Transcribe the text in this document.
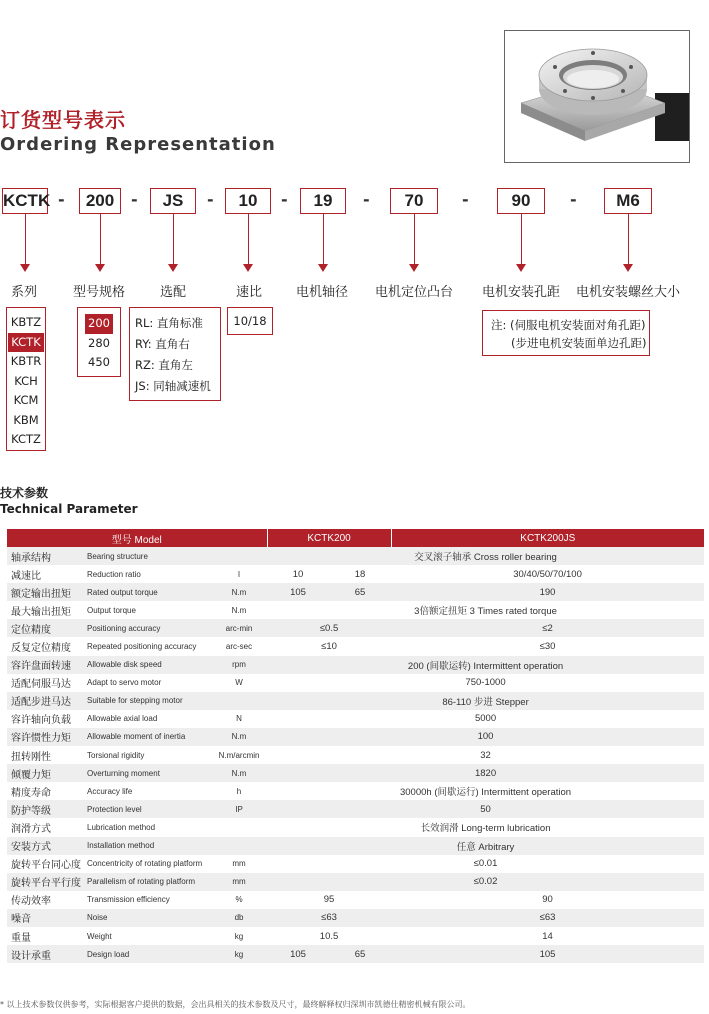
订货型号表示
Ordering Representation
KCTK -	200	-	JS	-	10	-	19	-	70	-	90	-	M6
系列	型号规格	选配	速比	电机轴径 电机定位凸台 电机安装孔距 电机安装螺丝大小
KBTZ
KCTK
KBTR
KCH
KCM
KBM
KCTZ
200
280
450
RL: 直角标准
RY: 直角右
RZ: 直角左
JS: 同轴减速机
10/18	注: (伺服电机安装面对角孔距)
(步进电机安装面单边孔距)
技术参数
Technical Parameter
型号 Model			KCTK200		KCTK200JS
轴承结构	Bearing structure		交叉滚子轴承 Cross roller bearing		
减速比	Reduction ratio	I	10	18	30/40/50/70/100
额定输出扭矩	Rated output torque	N.m	105	65	190
最大输出扭矩	Output torque	N.m	3倍额定扭矩 3 Times rated torque		
定位精度	Positioning accuracy	arc-min	≤0.5		≤2
反复定位精度	Repeated positioning accuracy	arc-sec	≤10		≤30
容许盘面转速	Allowable disk speed	rpm	200 (间歇运转) Intermittent operation		
适配伺服马达	Adapt to servo motor	W	750-1000		
适配步进马达	Suitable for stepping motor		86-110 步进 Stepper		
容许轴向负载	Allowable axial load	N	5000		
容许惯性力矩	Allowable moment of inertia	N.m	100		
扭转刚性	Torsional rigidity	N.m/arcmin	32		
倾覆力矩	Overturning moment	N.m	1820		
精度寿命	Accuracy life	h	30000h (间歇运行) Intermittent operation		
防护等级	Protection level	IP	50		
润滑方式	Lubrication method		长效润滑 Long-term lubrication		
安装方式	Installation method		任意 Arbitrary		
旋转平台同心度	Concentricity of rotating platform	mm	≤0.01		
旋转平台平行度	Parallelism of rotating platform	mm	≤0.02		
传动效率	Transmission efficiency	%	95		90
噪音	Noise	db	≤63		≤63
重量	Weight	kg	10.5		14
设计承重	Design load	kg	105	65	105
* 以上技术参数仅供参考，实际根据客户提供的数据，会出具相关的技术参数及尺寸，最终解释权归深圳市凯德仕精密机械有限公司。
